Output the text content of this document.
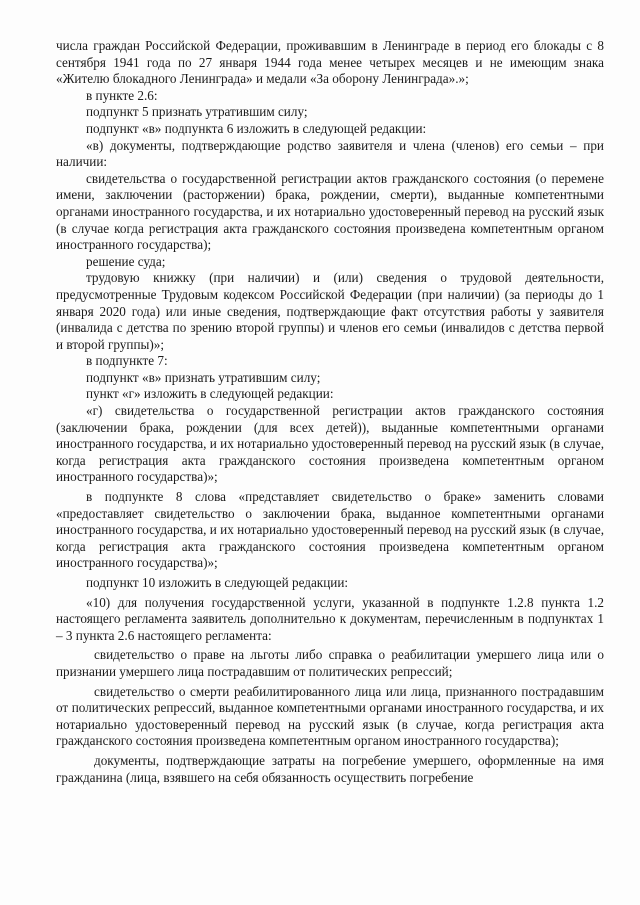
числа граждан Российской Федерации, проживавшим в Ленинграде в период его блокады с 8 сентября 1941 года по 27 января 1944 года менее четырех месяцев и не имеющим знака «Жителю блокадного Ленинграда» и медали «За оборону Ленинграда».»;

в пункте 2.6:

подпункт 5 признать утратившим силу;

подпункт «в» подпункта 6 изложить в следующей редакции:

«в) документы, подтверждающие родство заявителя и члена (членов) его семьи – при наличии:

свидетельства о государственной регистрации актов гражданского состояния (о перемене имени, заключении (расторжении) брака, рождении, смерти), выданные компетентными органами иностранного государства, и их нотариально удостоверенный перевод на русский язык (в случае когда регистрация акта гражданского состояния произведена компетентным органом иностранного государства);

решение суда;

трудовую книжку (при наличии) и (или) сведения о трудовой деятельности, предусмотренные Трудовым кодексом Российской Федерации (при наличии) (за периоды до 1 января 2020 года) или иные сведения, подтверждающие факт отсутствия работы у заявителя (инвалида с детства по зрению второй группы) и членов его семьи (инвалидов с детства первой и второй группы)»;

в подпункте 7:

подпункт «в» признать утратившим силу;

пункт «г» изложить в следующей редакции:

«г) свидетельства о государственной регистрации актов гражданского состояния (заключении брака, рождении (для всех детей)), выданные компетентными органами иностранного государства, и их нотариально удостоверенный перевод на русский язык (в случае, когда регистрация акта гражданского состояния произведена компетентным органом иностранного государства)»;

в подпункте 8 слова «представляет свидетельство о браке» заменить словами «предоставляет свидетельство о заключении брака, выданное компетентными органами иностранного государства, и их нотариально удостоверенный перевод на русский язык (в случае, когда регистрация акта гражданского состояния произведена компетентным органом иностранного государства)»;

подпункт 10 изложить в следующей редакции:

«10) для получения государственной услуги, указанной в подпункте 1.2.8 пункта 1.2 настоящего регламента заявитель дополнительно к документам, перечисленным в подпунктах 1 – 3 пункта 2.6 настоящего регламента:

свидетельство о праве на льготы либо справка о реабилитации умершего лица или о признании умершего лица пострадавшим от политических репрессий;

свидетельство о смерти реабилитированного лица или лица, признанного пострадавшим от политических репрессий, выданное компетентными органами иностранного государства, и их нотариально удостоверенный перевод на русский язык (в случае, когда регистрация акта гражданского состояния произведена компетентным органом иностранного государства);

документы, подтверждающие затраты на погребение умершего, оформленные на имя гражданина (лица, взявшего на себя обязанность осуществить погребение
